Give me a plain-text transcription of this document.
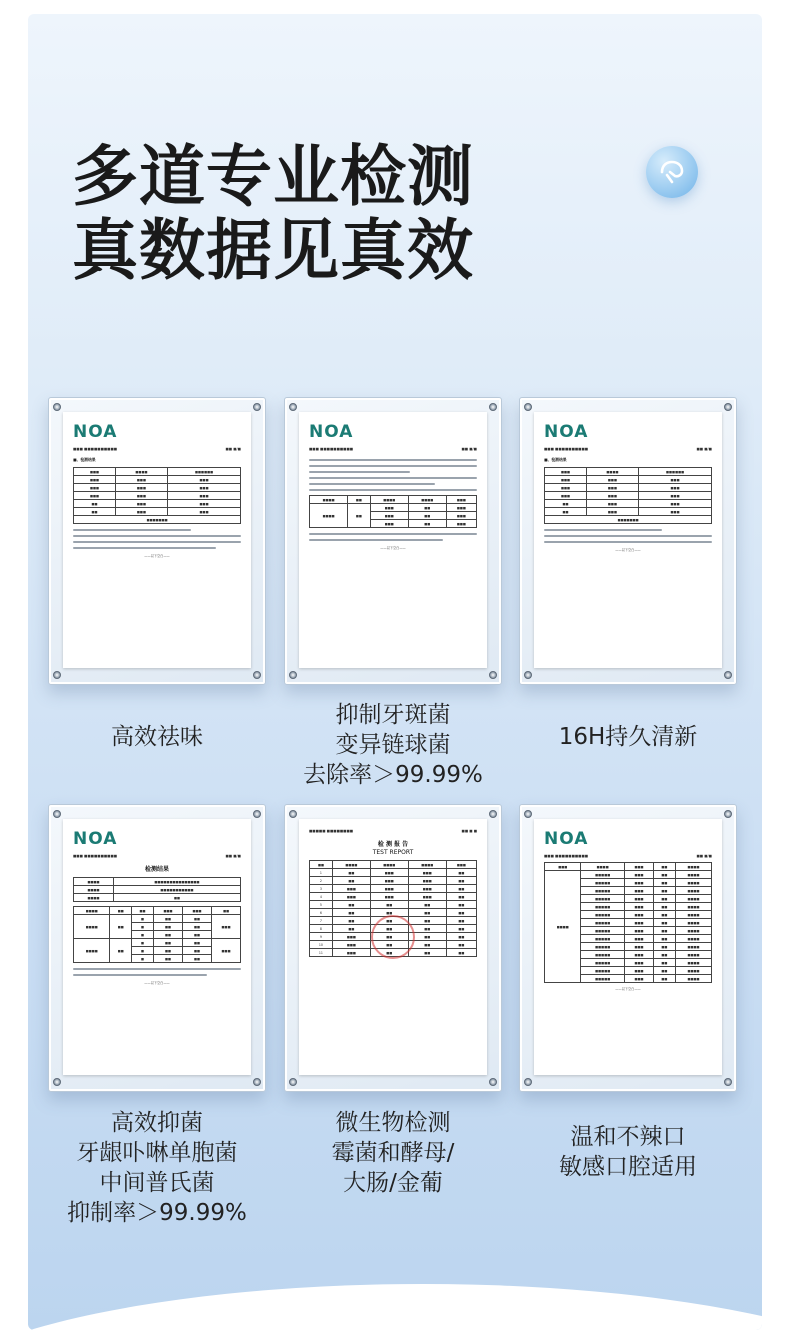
多道专业检测
真数据见真效
NOA
■■■ ■■■■■■■■■■	■■ ■/■
■、检测结果
■■■	■■■■	■■■■■■
■■■	■■■	■■■
■■■	■■■	■■■
■■■	■■■	■■■
■■	■■■	■■■
■■	■■■	■■■
■■■■■■■		
——以下空白——
NOA
■■■ ■■■■■■■■■■	■■ ■/■
■■■■	■■	■■■■	■■■■	■■■
■■■■	■■	■■■	■■	■■■
		■■■	■■	■■■
		■■■	■■	■■■
——以下空白——
NOA
■■■ ■■■■■■■■■■	■■ ■/■
■、检测结果
■■■	■■■■	■■■■■■
■■■	■■■	■■■
■■■	■■■	■■■
■■■	■■■	■■■
■■	■■■	■■■
■■	■■■	■■■
■■■■■■■		
——以下空白——
NOA
■■■ ■■■■■■■■■■	■■ ■/■
检测结果
■■■■	■■■■■■■■■■■■■■■
■■■■	■■■■■■■■■■■
■■■■	■■
■■■■	■■	■■	■■■	■■■	■■
■■■■	■■	■	■■	■■	■■■
		■	■■	■■	
		■	■■	■■	
■■■■	■■	■	■■	■■	■■■
		■	■■	■■	
		■	■■	■■	
——以下空白——
■■■■■ ■■■■■■■■	■■ ■ ■
检 测 报 告
TEST REPORT
■■	■■■■	■■■■	■■■■	■■■
1	■■	■■■	■■■	■■
2	■■	■■■	■■■	■■
3	■■■	■■■	■■■	■■
4	■■■	■■■	■■■	■■
5	■■	■■	■■	■■
6	■■	■■	■■	■■
7	■■	■■	■■	■■
8	■■	■■	■■	■■
9	■■■	■■	■■	■■
10	■■■	■■	■■	■■
11	■■■	■■	■■	■■
NOA
■■■ ■■■■■■■■■■	■■ ■/■
■■■	■■■■	■■■	■■	■■■■
■■■■	■■■■■	■■■	■■	■■■■
	■■■■■	■■■	■■	■■■■
	■■■■■	■■■	■■	■■■■
	■■■■■	■■■	■■	■■■■
	■■■■■	■■■	■■	■■■■
	■■■■■	■■■	■■	■■■■
	■■■■■	■■■	■■	■■■■
	■■■■■	■■■	■■	■■■■
	■■■■■	■■■	■■	■■■■
	■■■■■	■■■	■■	■■■■
	■■■■■	■■■	■■	■■■■
	■■■■■	■■■	■■	■■■■
	■■■■■	■■■	■■	■■■■
	■■■■■	■■■	■■	■■■■
——以下空白——
高效祛味
抑制牙斑菌
变异链球菌
去除率＞99.99%
16H持久清新
高效抑菌
牙龈卟啉单胞菌
中间普氏菌
抑制率＞99.99%
微生物检测
霉菌和酵母/
大肠/金葡
温和不辣口
敏感口腔适用
